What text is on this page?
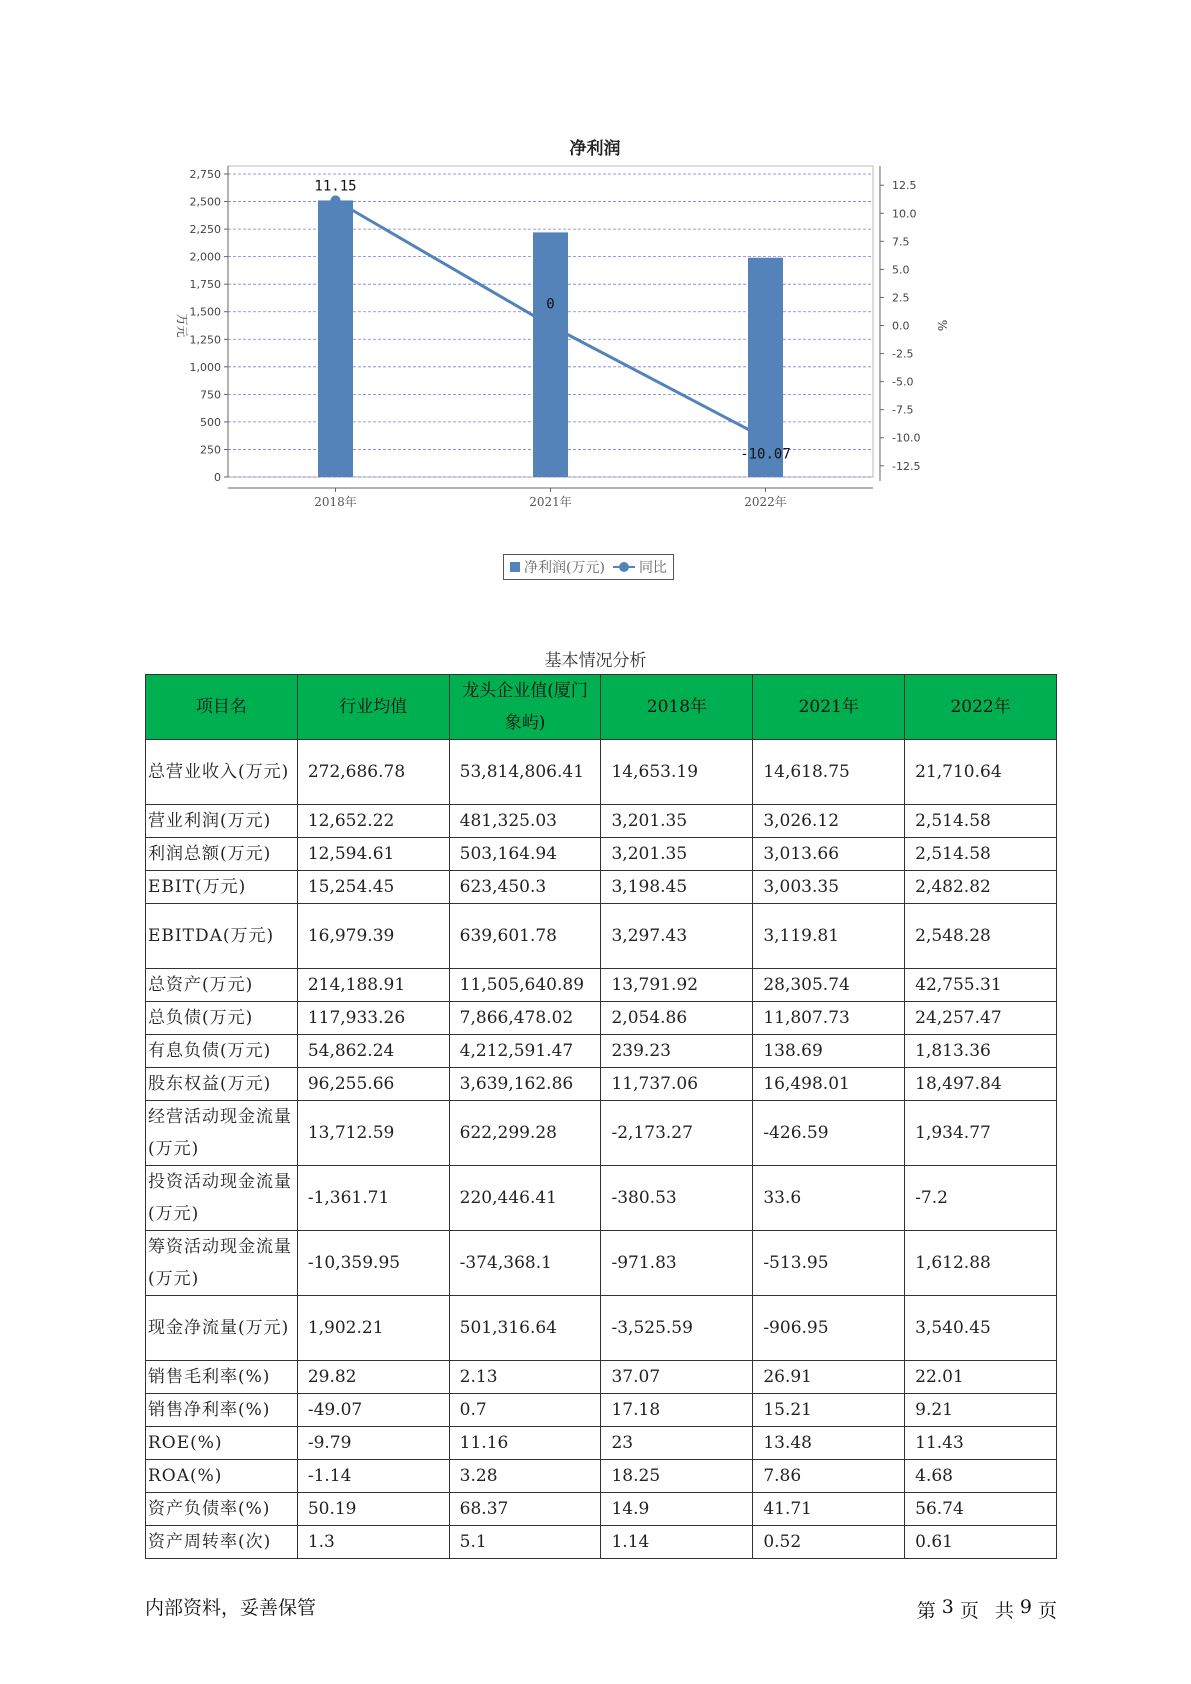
净利润
0
250
500
750
1,000
1,250
1,500
1,750
2,000
2,250
2,500
2,750
12.5
10.0
7.5
5.0
2.5
0.0
-2.5
-5.0
-7.5
-10.0
-12.5
2018年	2021年	2022年
万元	%
11.15
0
-10.07
净利润(万元) 同比
基本情况分析
项目名	行业均值	龙头企业值(厦门象屿)	2018年	2021年	2022年
总营业收入(万元)	272,686.78	53,814,806.41	14,653.19	14,618.75	21,710.64
营业利润(万元)	12,652.22	481,325.03	3,201.35	3,026.12	2,514.58
利润总额(万元)	12,594.61	503,164.94	3,201.35	3,013.66	2,514.58
EBIT(万元)	15,254.45	623,450.3	3,198.45	3,003.35	2,482.82
EBITDA(万元)	16,979.39	639,601.78	3,297.43	3,119.81	2,548.28
总资产(万元)	214,188.91	11,505,640.89	13,791.92	28,305.74	42,755.31
总负债(万元)	117,933.26	7,866,478.02	2,054.86	11,807.73	24,257.47
有息负债(万元)	54,862.24	4,212,591.47	239.23	138.69	1,813.36
股东权益(万元)	96,255.66	3,639,162.86	11,737.06	16,498.01	18,497.84
经营活动现金流量(万元)	13,712.59	622,299.28	-2,173.27	-426.59	1,934.77
投资活动现金流量(万元)	-1,361.71	220,446.41	-380.53	33.6	-7.2
筹资活动现金流量(万元)	-10,359.95	-374,368.1	-971.83	-513.95	1,612.88
现金净流量(万元)	1,902.21	501,316.64	-3,525.59	-906.95	3,540.45
销售毛利率(%)	29.82	2.13	37.07	26.91	22.01
销售净利率(%)	-49.07	0.7	17.18	15.21	9.21
ROE(%)	-9.79	11.16	23	13.48	11.43
ROA(%)	-1.14	3.28	18.25	7.86	4.68
资产负债率(%)	50.19	68.37	14.9	41.71	56.74
资产周转率(次)	1.3	5.1	1.14	0.52	0.61
内部资料，妥善保管	第 3 页 共 9 页
